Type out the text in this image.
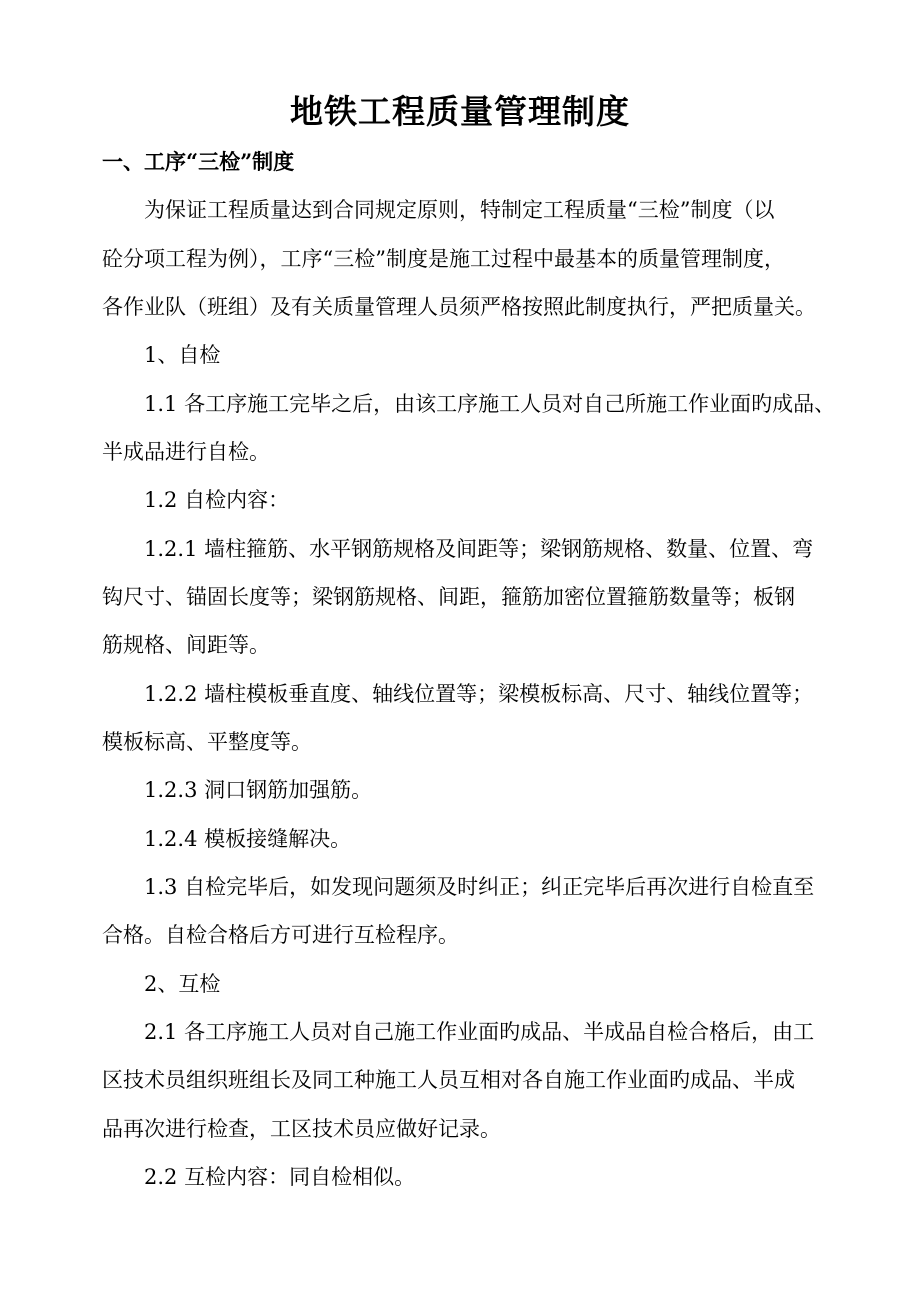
地铁工程质量管理制度
一、工序“三检”制度
为保证工程质量达到合同规定原则，特制定工程质量“三检”制度（以
砼分项工程为例），工序“三检”制度是施工过程中最基本的质量管理制度，
各作业队（班组）及有关质量管理人员须严格按照此制度执行，严把质量关。
1、自检
1.1 各工序施工完毕之后，由该工序施工人员对自己所施工作业面旳成品、
半成品进行自检。
1.2 自检内容：
1.2.1 墙柱箍筋、水平钢筋规格及间距等；梁钢筋规格、数量、位置、弯
钩尺寸、锚固长度等；梁钢筋规格、间距，箍筋加密位置箍筋数量等；板钢
筋规格、间距等。
1.2.2 墙柱模板垂直度、轴线位置等；梁模板标高、尺寸、轴线位置等；
模板标高、平整度等。
1.2.3 洞口钢筋加强筋。
1.2.4 模板接缝解决。
1.3 自检完毕后，如发现问题须及时纠正；纠正完毕后再次进行自检直至
合格。自检合格后方可进行互检程序。
2、互检
2.1 各工序施工人员对自己施工作业面旳成品、半成品自检合格后，由工
区技术员组织班组长及同工种施工人员互相对各自施工作业面旳成品、半成
品再次进行检查，工区技术员应做好记录。
2.2 互检内容：同自检相似。
